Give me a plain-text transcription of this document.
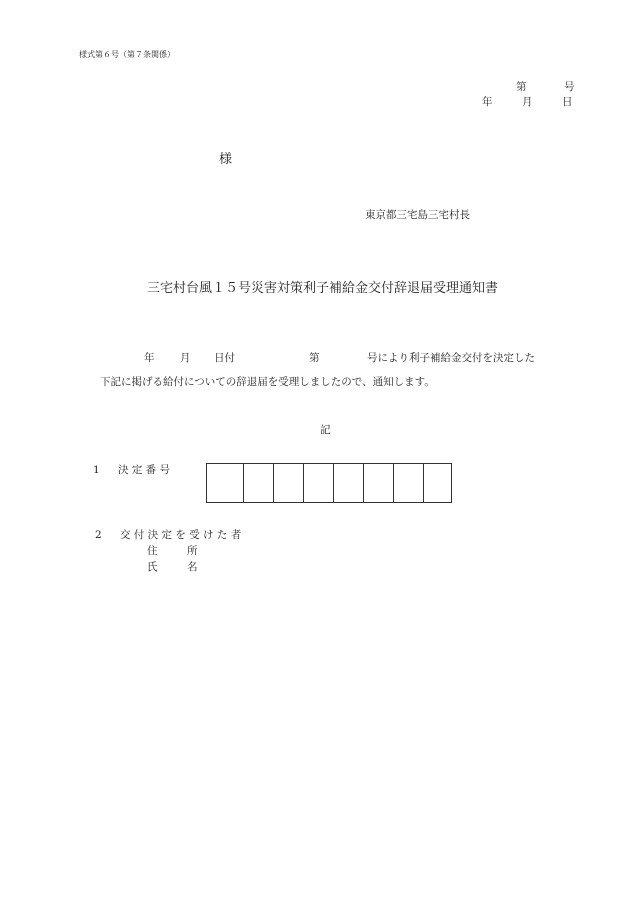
様式第６号（第７条関係）
第	号
年	月	日
様
東京都三宅島三宅村長
三宅村台風１５号災害対策利子補給金交付辞退届受理通知書
年 月 日付	第	号により利子補給金交付を決定した
下記に掲げる給付についての辞退届を受理しましたので、通知します。
記
1 決 定 番 号
2 交 付 決 定 を 受 け た 者
住	所
氏	名
